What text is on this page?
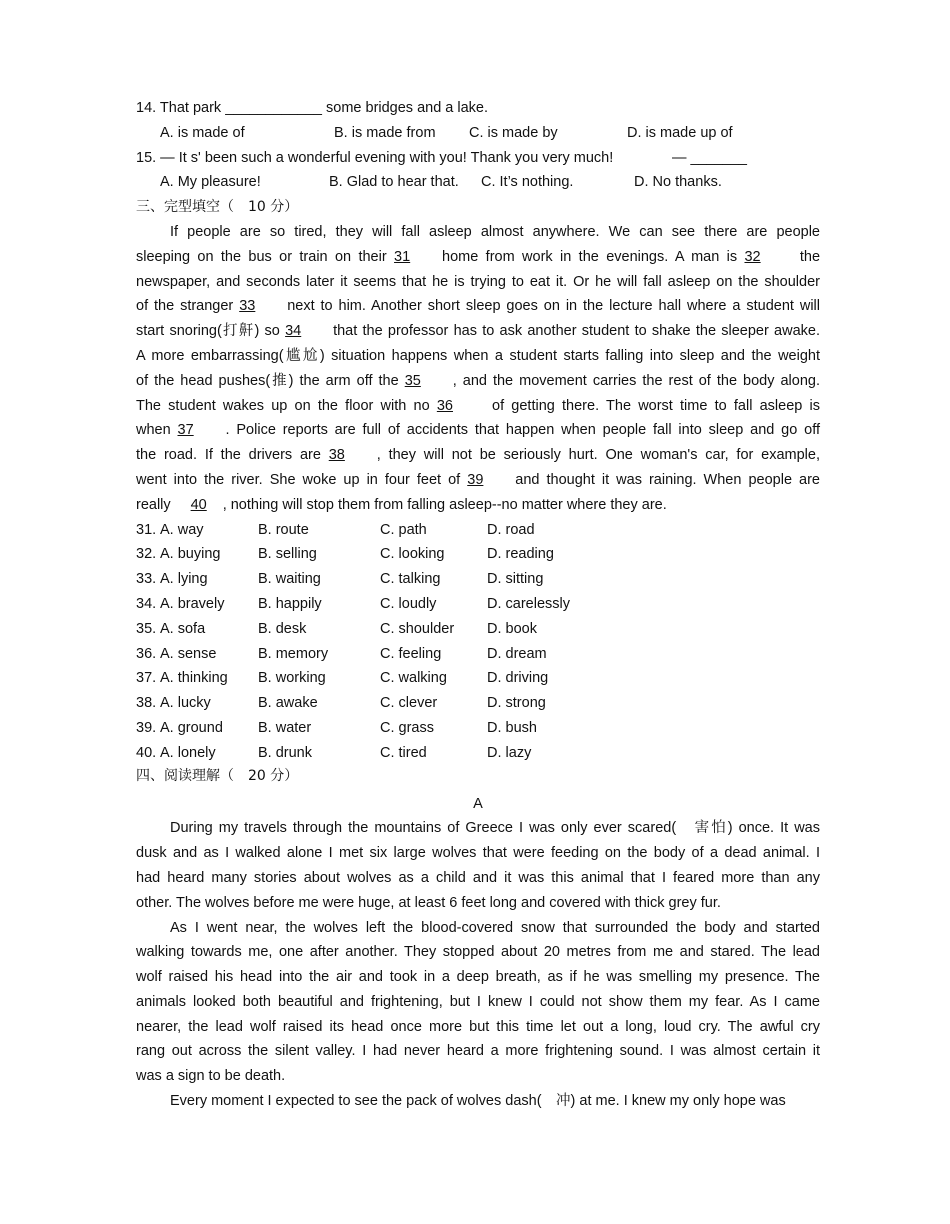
14. That park ____________ some bridges and a lake.
A. is made of	B. is made from C. is made by	D. is made up of
15. — It s' been such a wonderful evening with you! Thank you very much!	— _______
A. My pleasure!	B. Glad to hear that. C. It’s nothing.	D. No thanks.
三、完型填空（　10 分）
If people are so tired, they will fall asleep almost anywhere. We can see there are people
sleeping on the bus or train on their 31 home from work in the evenings. A man is 32 the
newspaper, and seconds later it seems that he is trying to eat it. Or he will fall asleep on the shoulder
of the stranger 33 next to him. Another short sleep goes on in the lecture hall where a student will
start snoring(打鼾) so 34 that the professor has to ask another student to shake the sleeper awake.
A more embarrassing(尴尬) situation happens when a student starts falling into sleep and the weight
of the head pushes(推) the arm off the 35 , and the movement carries the rest of the body along.
The student wakes up on the floor with no 36 of getting there. The worst time to fall asleep is
when 37 . Police reports are full of accidents that happen when people fall into sleep and go off
the road. If the drivers are 38 , they will not be seriously hurt. One woman's car, for example,
went into the river. She woke up in four feet of 39 and thought it was raining. When people are
really 40 , nothing will stop them from falling asleep--no matter where they are.
31. A. way	B. route	C. path	D. road
32. A. buying	B. selling	C. looking	D. reading
33. A. lying	B. waiting	C. talking	D. sitting
34. A. bravely B. happily	C. loudly	D. carelessly
35. A. sofa	B. desk	C. shoulder D. book
36. A. sense	B. memory	C. feeling	D. dream
37. A. thinking B. working	C. walking	D. driving
38. A. lucky	B. awake	C. clever	D. strong
39. A. ground B. water	C. grass	D. bush
40. A. lonely	B. drunk	C. tired	D. lazy
四、阅读理解（　20 分）
A
During my travels through the mountains of Greece I was only ever scared(　害怕) once. It was
dusk and as I walked alone I met six large wolves that were feeding on the body of a dead animal. I
had heard many stories about wolves as a child and it was this animal that I feared more than any
other. The wolves before me were huge, at least 6 feet long and covered with thick grey fur.
As I went near, the wolves left the blood-covered snow that surrounded the body and started
walking towards me, one after another. They stopped about 20 metres from me and stared. The lead
wolf raised his head into the air and took in a deep breath, as if he was smelling my presence. The
animals looked both beautiful and frightening, but I knew I could not show them my fear. As I came
nearer, the lead wolf raised its head once more but this time let out a long, loud cry. The awful cry
rang out across the silent valley. I had never heard a more frightening sound. I was almost certain it
was a sign to be death.
Every moment I expected to see the pack of wolves dash(　冲) at me. I knew my only hope was
